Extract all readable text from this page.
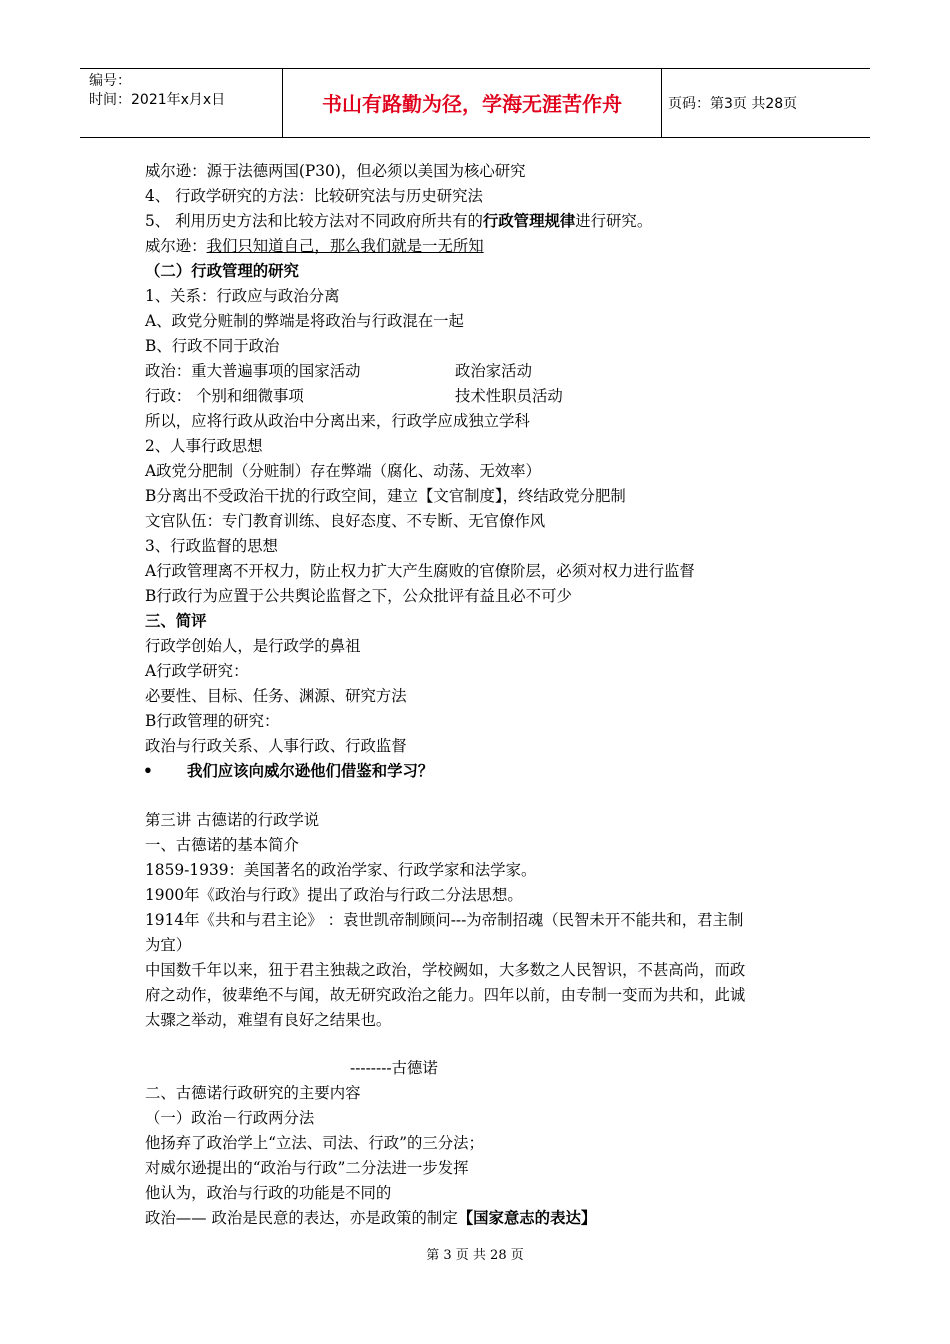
编号：
时间：2021年x月x日	书山有路勤为径，学海无涯苦作舟	页码：第3页 共28页
威尔逊：源于法德两国(P30)，但必须以美国为核心研究
4、 行政学研究的方法：比较研究法与历史研究法
5、 利用历史方法和比较方法对不同政府所共有的行政管理规律进行研究。
威尔逊：我们只知道自己，那么我们就是一无所知
（二）行政管理的研究
1、关系：行政应与政治分离
A、政党分赃制的弊端是将政治与行政混在一起
B、行政不同于政治
政治：重大普遍事项的国家活动	政治家活动
行政： 个别和细微事项	技术性职员活动
所以，应将行政从政治中分离出来，行政学应成独立学科
2、人事行政思想
A政党分肥制（分赃制）存在弊端（腐化、动荡、无效率）
B分离出不受政治干扰的行政空间，建立【文官制度】，终结政党分肥制
文官队伍：专门教育训练、良好态度、不专断、无官僚作风
3、行政监督的思想
A行政管理离不开权力，防止权力扩大产生腐败的官僚阶层，必须对权力进行监督
B行政行为应置于公共舆论监督之下，公众批评有益且必不可少
三、简评
行政学创始人，是行政学的鼻祖
A行政学研究：
必要性、目标、任务、渊源、研究方法
B行政管理的研究：
政治与行政关系、人事行政、行政监督
• 我们应该向威尔逊他们借鉴和学习？
第三讲 古德诺的行政学说
一、古德诺的基本简介
1859-1939：美国著名的政治学家、行政学家和法学家。
1900年《政治与行政》提出了政治与行政二分法思想。
1914年《共和与君主论》 ：袁世凯帝制顾问---为帝制招魂（民智未开不能共和，君主制
为宜）
中国数千年以来，狃于君主独裁之政治，学校阙如，大多数之人民智识，不甚高尚，而政
府之动作，彼辈绝不与闻，故无研究政治之能力。四年以前，由专制一变而为共和，此诚
太骤之举动，难望有良好之结果也。
--------古德诺
二、古德诺行政研究的主要内容
（一）政治－行政两分法
他扬弃了政治学上“立法、司法、行政”的三分法；
对威尔逊提出的“政治与行政”二分法进一步发挥
他认为，政治与行政的功能是不同的
政治—— 政治是民意的表达，亦是政策的制定【国家意志的表达】
第 3 页 共 28 页
